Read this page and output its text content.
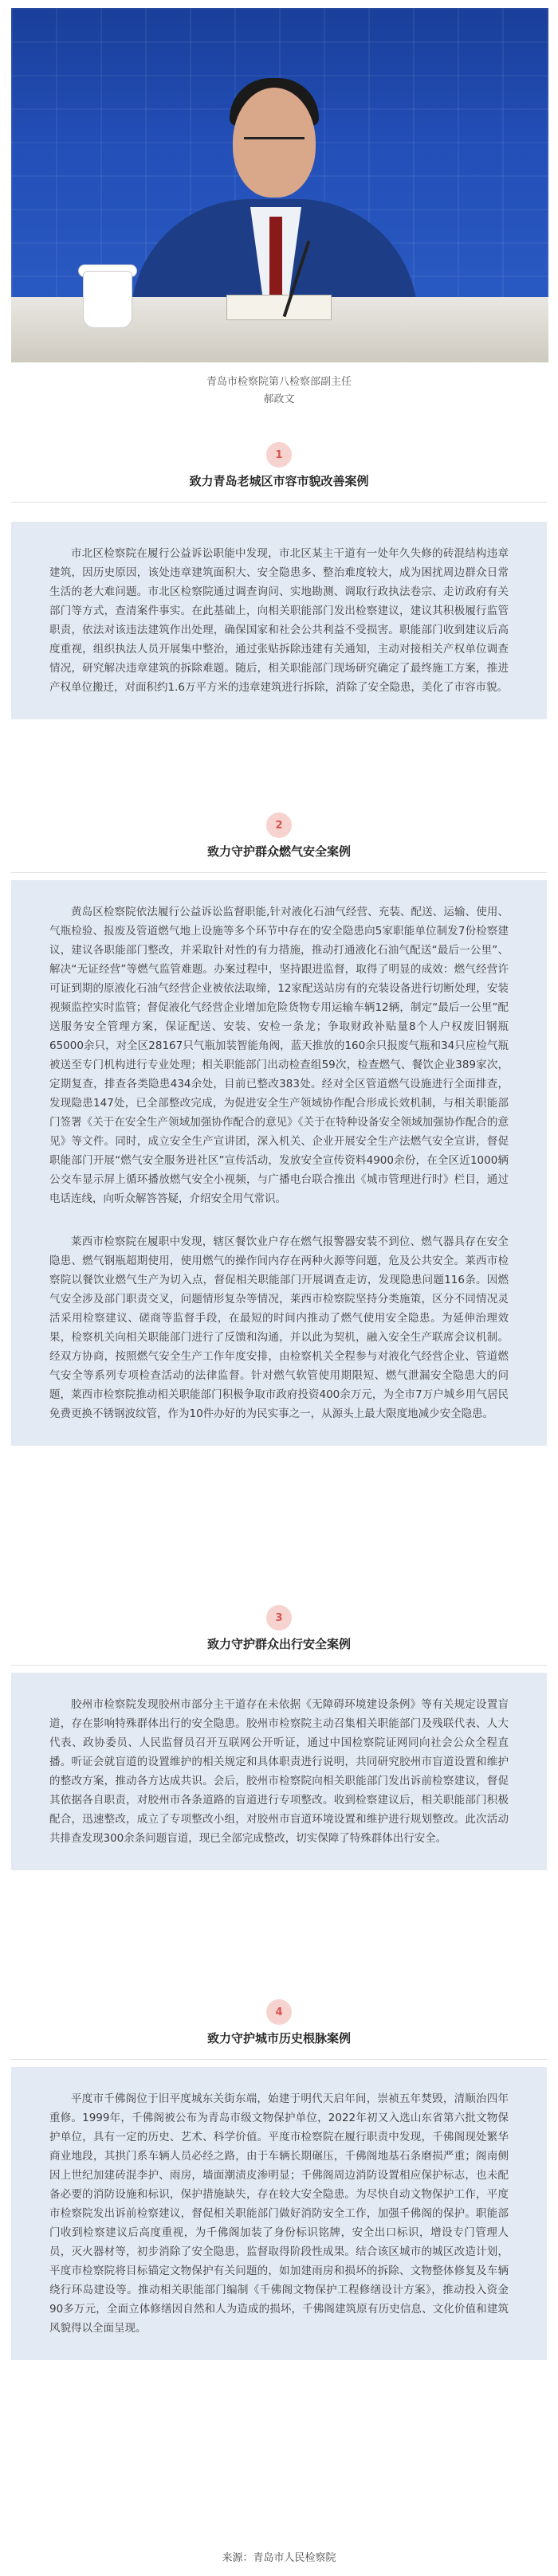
青岛市检察院第八检察部副主任
郝政文
1
致力青岛老城区市容市貌改善案例

市北区检察院在履行公益诉讼职能中发现，市北区某主干道有一处年久失修的砖混结构违章建筑，因历史原因，该处违章建筑面积大、安全隐患多、整治难度较大，成为困扰周边群众日常生活的老大难问题。市北区检察院通过调查询问、实地勘测、调取行政执法卷宗、走访政府有关部门等方式，查清案件事实。在此基础上，向相关职能部门发出检察建议，建议其积极履行监管职责，依法对该违法建筑作出处理，确保国家和社会公共利益不受损害。职能部门收到建议后高度重视，组织执法人员开展集中整治，通过张贴拆除违建有关通知，主动对接相关产权单位调查情况，研究解决违章建筑的拆除难题。随后，相关职能部门现场研究确定了最终施工方案，推进产权单位搬迁，对面积约1.6万平方米的违章建筑进行拆除，消除了安全隐患，美化了市容市貌。

2
致力守护群众燃气安全案例

黄岛区检察院依法履行公益诉讼监督职能,针对液化石油气经营、充装、配送、运输、使用、气瓶检验、报废及管道燃气地上设施等多个环节中存在的安全隐患向5家职能单位制发7份检察建议，建议各职能部门整改，并采取针对性的有力措施，推动打通液化石油气配送“最后一公里”、解决“无证经营”等燃气监管难题。办案过程中，坚持跟进监督，取得了明显的成效：燃气经营许可证到期的原液化石油气经营企业被依法取缔，12家配送站房有的充装设备进行切断处理，安装视频监控实时监管；督促液化气经营企业增加危险货物专用运输车辆12辆，制定“最后一公里”配送服务安全管理方案，保证配送、安装、安检一条龙；争取财政补贴量8个人户权废旧钢瓶65000余只，对全区28167只气瓶加装智能角阀，蓝天推放的160余只报废气瓶和34只应检气瓶被送至专门机构进行专业处理；相关职能部门出动检查组59次，检查燃气、餐饮企业389家次，定期复查，排查各类隐患434余处，目前已整改383处。经对全区管道燃气设施进行全面排查，发现隐患147处，已全部整改完成，为促进安全生产领域协作配合形成长效机制，与相关职能部门签署《关于在安全生产领域加强协作配合的意见》《关于在特种设备安全领域加强协作配合的意见》等文件。同时，成立安全生产宣讲团，深入机关、企业开展安全生产法燃气安全宣讲，督促职能部门开展“燃气安全服务进社区”宣传活动，发放安全宣传资料4900余份，在全区近1000辆公交车显示屏上循环播放燃气安全小视频，与广播电台联合推出《城市管理进行时》栏目，通过电话连线，向听众解答答疑，介绍安全用气常识。

莱西市检察院在履职中发现，辖区餐饮业户存在燃气报警器安装不到位、燃气器具存在安全隐患、燃气钢瓶超期使用，使用燃气的操作间内存在两种火源等问题，危及公共安全。莱西市检察院以餐饮业燃气生产为切入点，督促相关职能部门开展调查走访，发现隐患问题116条。因燃气安全涉及部门职责交叉，问题情形复杂等情况，莱西市检察院坚持分类施策，区分不同情况灵活采用检察建议、磋商等监督手段，在最短的时间内推动了燃气使用安全隐患。为延伸治理效果，检察机关向相关职能部门进行了反馈和沟通，并以此为契机，融入安全生产联席会议机制。经双方协商，按照燃气安全生产工作年度安排，由检察机关全程参与对液化气经营企业、管道燃气安全等系列专项检查活动的法律监督。针对燃气软管使用期限短、燃气泄漏安全隐患大的问题，莱西市检察院推动相关职能部门积极争取市政府投资400余万元，为全市7万户城乡用气居民免费更换不锈钢波纹管，作为10件办好的为民实事之一，从源头上最大限度地减少安全隐患。

3
致力守护群众出行安全案例

胶州市检察院发现胶州市部分主干道存在未依据《无障碍环境建设条例》等有关规定设置盲道，存在影响特殊群体出行的安全隐患。胶州市检察院主动召集相关职能部门及残联代表、人大代表、政协委员、人民监督员召开互联网公开听证，通过中国检察院证网同向社会公众全程直播。听证会就盲道的设置维护的相关规定和具体职责进行说明，共同研究胶州市盲道设置和维护的整改方案，推动各方达成共识。会后，胶州市检察院向相关职能部门发出诉前检察建议，督促其依据各自职责，对胶州市各条道路的盲道进行专项整改。收到检察建议后，相关职能部门积极配合，迅速整改，成立了专项整改小组，对胶州市盲道环境设置和维护进行规划整改。此次活动共排查发现300余条问题盲道，现已全部完成整改，切实保障了特殊群体出行安全。

4
致力守护城市历史根脉案例

平度市千佛阁位于旧平度城东关街东端，始建于明代天启年间，崇祯五年焚毁，清顺治四年重修。1999年，千佛阁被公布为青岛市级文物保护单位，2022年初又入选山东省第六批文物保护单位，具有一定的历史、艺术、科学价值。平度市检察院在履行职责中发现，千佛阁现处繁华商业地段，其拱门系车辆人员必经之路，由于车辆长期碾压，千佛阁地基石条磨损严重；阁南侧因上世纪加建砖混李护、雨房，墙面潮渍皮渗明显；千佛阁周边消防设置相应保护标志，也未配备必要的消防设施和标识，保护措施缺失，存在较大安全隐患。为尽快自动文物保护工作，平度市检察院发出诉前检察建议，督促相关职能部门做好消防安全工作，加强千佛阁的保护。职能部门收到检察建议后高度重视，为千佛阁加装了身份标识铭牌，安全出口标识，增设专门管理人员，灭火器材等，初步消除了安全隐患，监督取得阶段性成果。结合该区城市的城区改造计划，平度市检察院将目标锚定文物保护有关问题的，如加建雨房和损坏的拆除、文物整体修复及车辆绕行环岛建设等。推动相关职能部门编制《千佛阁文物保护工程修缮设计方案》，推动投入资金90多万元，全面立体修缮因自然和人为造成的损坏，千佛阁建筑原有历史信息、文化价值和建筑风貌得以全面呈现。

来源：青岛市人民检察院
